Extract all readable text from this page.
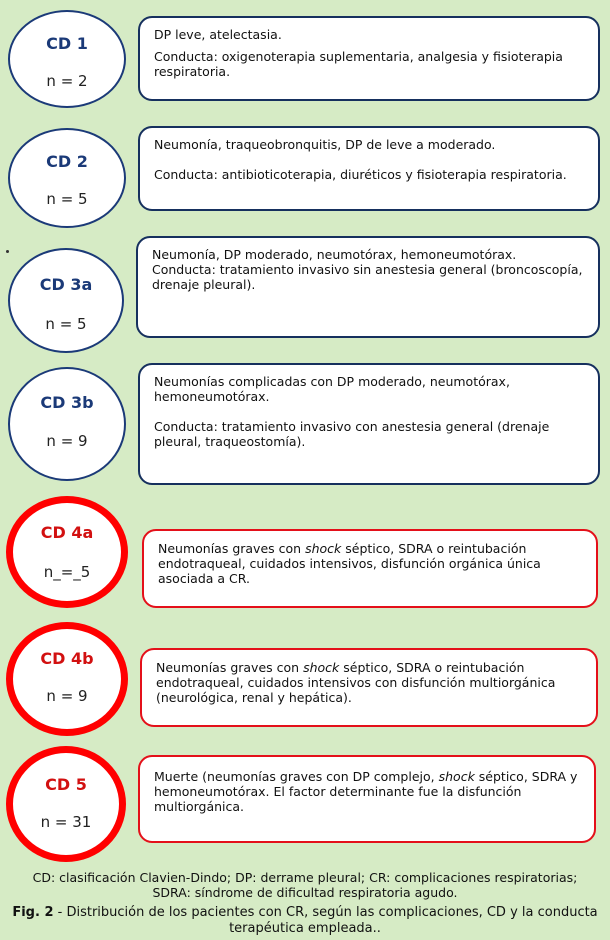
CD 1
n = 2

DP leve, atelectasia.

Conducta: oxigenoterapia suplementaria, analgesia y fisioterapia respiratoria.

CD 2
n = 5

Neumonía, traqueobronquitis, DP de leve a moderado.

Conducta: antibioticoterapia, diuréticos y fisioterapia respiratoria.

CD 3a
n = 5

Neumonía, DP moderado, neumotórax, hemoneumotórax. Conducta: tratamiento invasivo sin anestesia general (broncoscopía, drenaje pleural).

CD 3b
n = 9

Neumonías complicadas con DP moderado, neumotórax, hemoneumotórax.

Conducta: tratamiento invasivo con anestesia general (drenaje pleural, traqueostomía).

CD 4a
n_=_5

Neumonías graves con shock séptico, SDRA o reintubación endotraqueal, cuidados intensivos, disfunción orgánica única asociada a CR.

CD 4b
n = 9

Neumonías graves con shock séptico, SDRA o reintubación endotraqueal, cuidados intensivos con disfunción multiorgánica (neurológica, renal y hepática).

CD 5
n = 31

Muerte (neumonías graves con DP complejo, shock séptico, SDRA y hemoneumotórax. El factor determinante fue la disfunción multiorgánica.

CD: clasificación Clavien-Dindo; DP: derrame pleural; CR: complicaciones respiratorias;
SDRA: síndrome de dificultad respiratoria agudo.
Fig. 2 - Distribución de los pacientes con CR, según las complicaciones, CD y la conducta terapéutica empleada..
